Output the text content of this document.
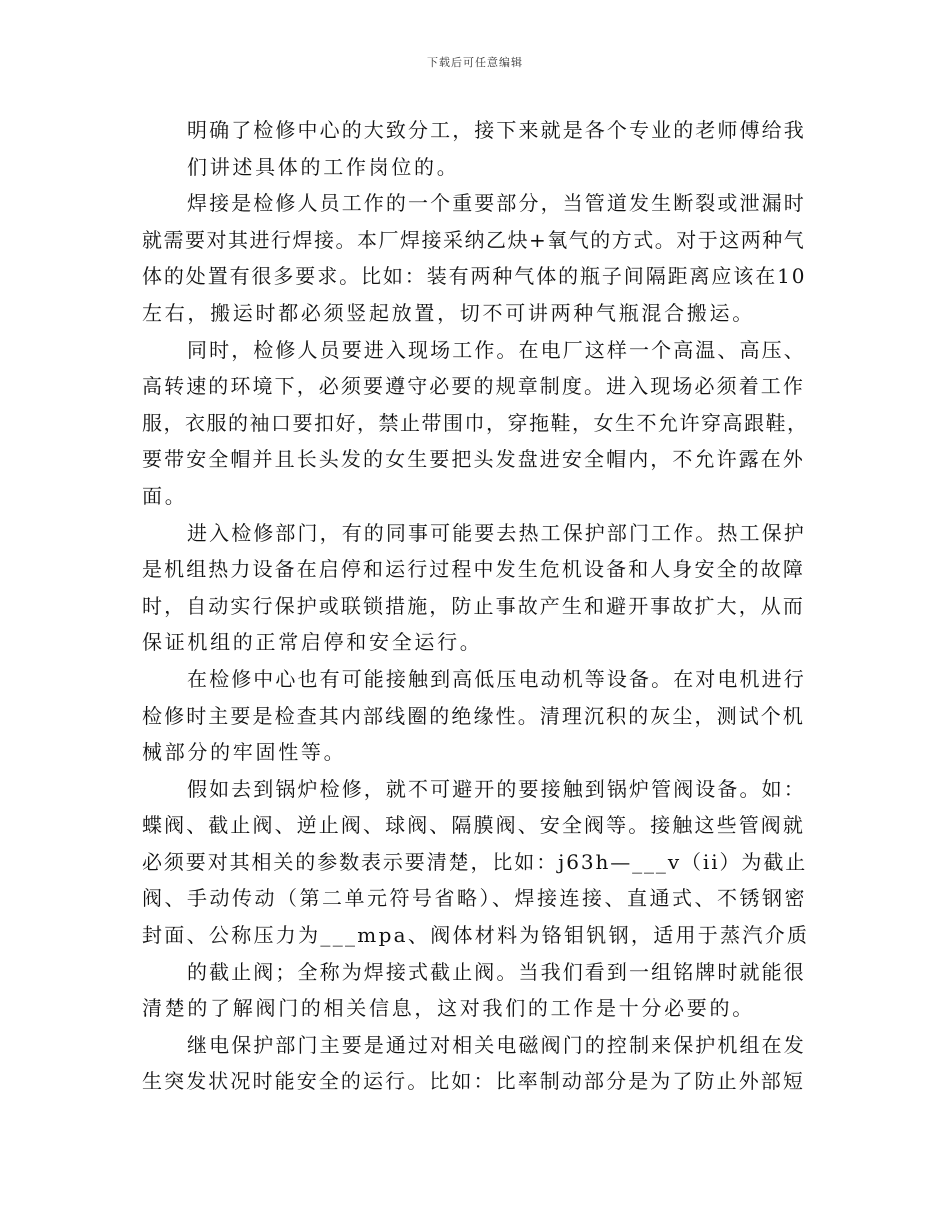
下载后可任意编辑
明确了检修中心的大致分工，接下来就是各个专业的老师傅给我
们讲述具体的工作岗位的。
焊接是检修人员工作的一个重要部分，当管道发生断裂或泄漏时
就需要对其进行焊接。本厂焊接采纳乙炔+氧气的方式。对于这两种气
体的处置有很多要求。比如：装有两种气体的瓶子间隔距离应该在10
左右，搬运时都必须竖起放置，切不可讲两种气瓶混合搬运。
同时，检修人员要进入现场工作。在电厂这样一个高温、高压、
高转速的环境下，必须要遵守必要的规章制度。进入现场必须着工作
服，衣服的袖口要扣好，禁止带围巾，穿拖鞋，女生不允许穿高跟鞋，
要带安全帽并且长头发的女生要把头发盘进安全帽内，不允许露在外
面。
进入检修部门，有的同事可能要去热工保护部门工作。热工保护
是机组热力设备在启停和运行过程中发生危机设备和人身安全的故障
时，自动实行保护或联锁措施，防止事故产生和避开事故扩大，从而
保证机组的正常启停和安全运行。
在检修中心也有可能接触到高低压电动机等设备。在对电机进行
检修时主要是检查其内部线圈的绝缘性。清理沉积的灰尘，测试个机
械部分的牢固性等。
假如去到锅炉检修，就不可避开的要接触到锅炉管阀设备。如：
蝶阀、截止阀、逆止阀、球阀、隔膜阀、安全阀等。接触这些管阀就
必须要对其相关的参数表示要清楚，比如：j63h—___v（ii）为截止
阀、手动传动（第二单元符号省略）、焊接连接、直通式、不锈钢密
封面、公称压力为___mpa、阀体材料为铬钼钒钢，适用于蒸汽介质
的截止阀；全称为焊接式截止阀。当我们看到一组铭牌时就能很
清楚的了解阀门的相关信息，这对我们的工作是十分必要的。
继电保护部门主要是通过对相关电磁阀门的控制来保护机组在发
生突发状况时能安全的运行。比如：比率制动部分是为了防止外部短
